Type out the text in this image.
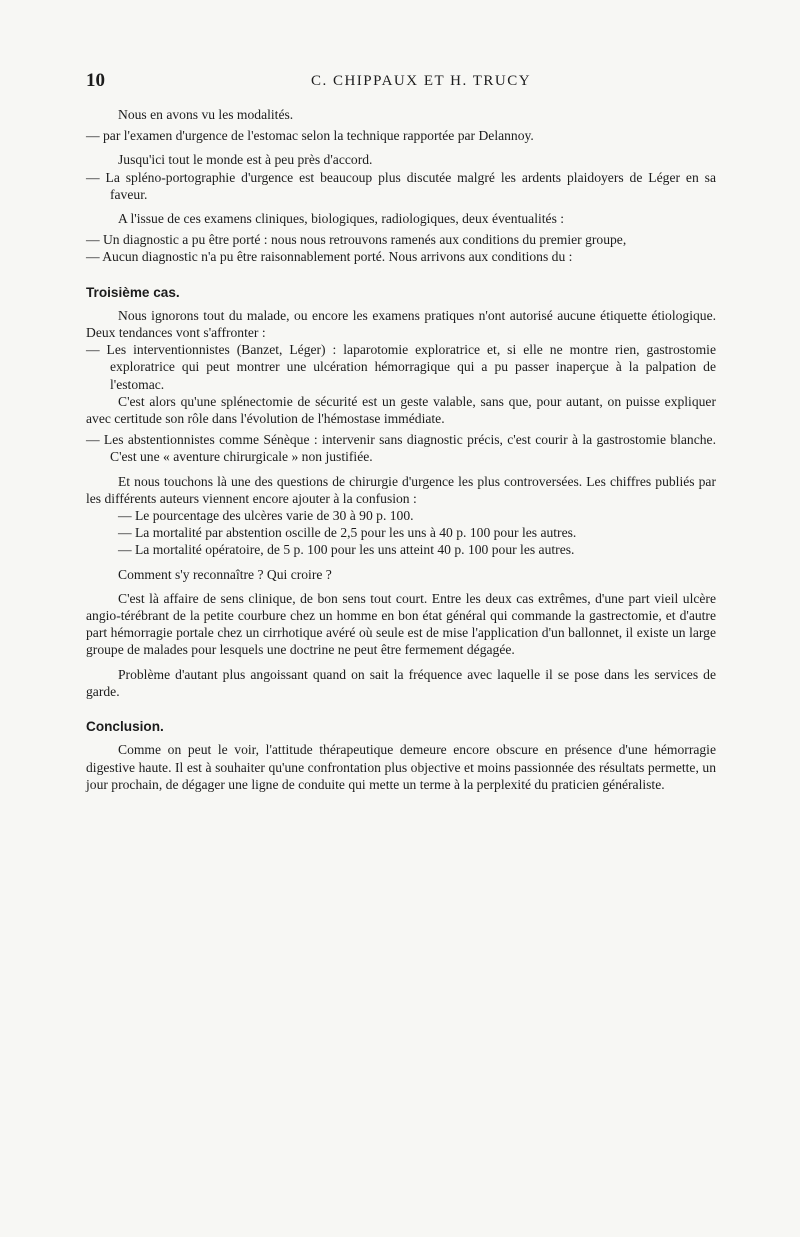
10	C. CHIPPAUX ET H. TRUCY

Nous en avons vu les modalités.

— par l'examen d'urgence de l'estomac selon la technique rapportée par Delannoy.

Jusqu'ici tout le monde est à peu près d'accord.

— La spléno-portographie d'urgence est beaucoup plus discutée malgré les ardents plaidoyers de Léger en sa faveur.

A l'issue de ces examens cliniques, biologiques, radiologiques, deux éventualités :

— Un diagnostic a pu être porté : nous nous retrouvons ramenés aux conditions du premier groupe,

— Aucun diagnostic n'a pu être raisonnablement porté. Nous arrivons aux conditions du :

Troisième cas.

Nous ignorons tout du malade, ou encore les examens pratiques n'ont autorisé aucune étiquette étiologique. Deux tendances vont s'affronter :

— Les interventionnistes (Banzet, Léger) : laparotomie exploratrice et, si elle ne montre rien, gastrostomie exploratrice qui peut montrer une ulcération hémorragique qui a pu passer inaperçue à la palpation de l'estomac.

C'est alors qu'une splénectomie de sécurité est un geste valable, sans que, pour autant, on puisse expliquer avec certitude son rôle dans l'évolution de l'hémostase immédiate.

— Les abstentionnistes comme Sénèque : intervenir sans diagnostic précis, c'est courir à la gastrostomie blanche. C'est une « aventure chirurgicale » non justifiée.

Et nous touchons là une des questions de chirurgie d'urgence les plus controversées. Les chiffres publiés par les différents auteurs viennent encore ajouter à la confusion :

— Le pourcentage des ulcères varie de 30 à 90 p. 100.

— La mortalité par abstention oscille de 2,5 pour les uns à 40 p. 100 pour les autres.

— La mortalité opératoire, de 5 p. 100 pour les uns atteint 40 p. 100 pour les autres.

Comment s'y reconnaître ? Qui croire ?

C'est là affaire de sens clinique, de bon sens tout court. Entre les deux cas extrêmes, d'une part vieil ulcère angio-térébrant de la petite courbure chez un homme en bon état général qui commande la gastrectomie, et d'autre part hémorragie portale chez un cirrhotique avéré où seule est de mise l'application d'un ballonnet, il existe un large groupe de malades pour lesquels une doctrine ne peut être fermement dégagée.

Problème d'autant plus angoissant quand on sait la fréquence avec laquelle il se pose dans les services de garde.

Conclusion.

Comme on peut le voir, l'attitude thérapeutique demeure encore obscure en présence d'une hémorragie digestive haute. Il est à souhaiter qu'une confrontation plus objective et moins passionnée des résultats permette, un jour prochain, de dégager une ligne de conduite qui mette un terme à la perplexité du praticien généraliste.
